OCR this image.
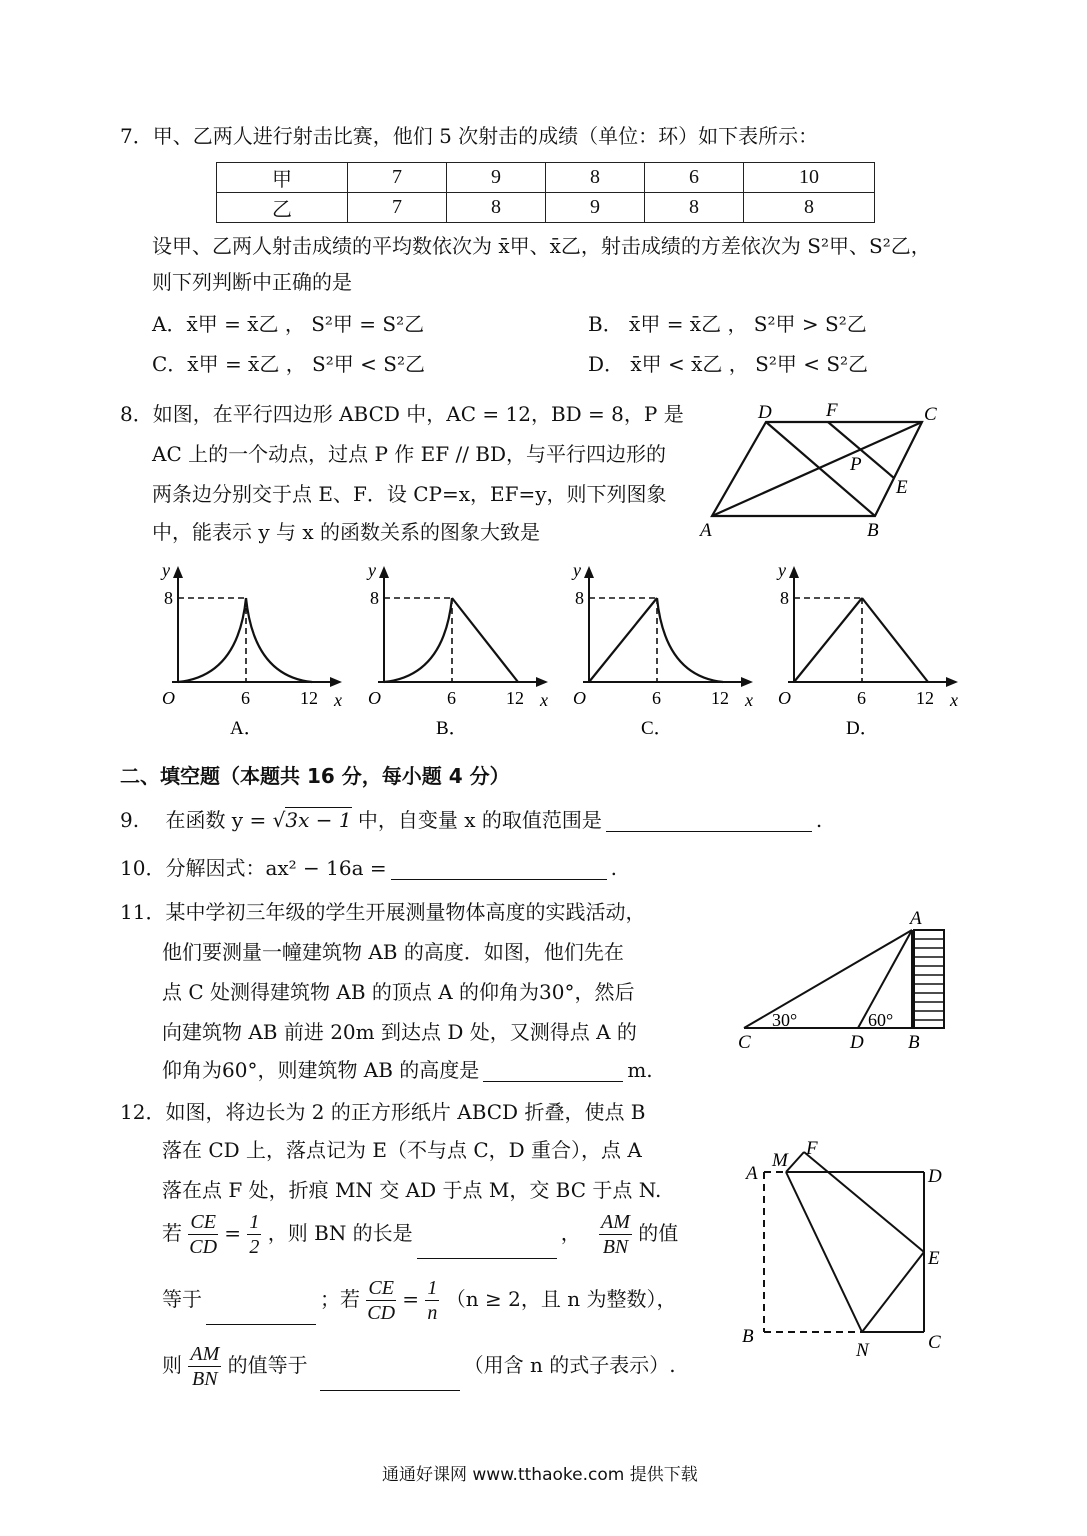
7．甲、乙两人进行射击比赛，他们 5 次射击的成绩（单位：环）如下表所示：
甲	7	9	8	6	10
乙	7	8	9	8	8
设甲、乙两人射击成绩的平均数依次为 x̄甲、x̄乙，射击成绩的方差依次为 S²甲、S²乙，
则下列判断中正确的是
A．x̄甲 = x̄乙 ， S²甲 = S²乙	B． x̄甲 = x̄乙 ， S²甲 > S²乙
C．x̄甲 = x̄乙 ， S²甲 < S²乙	D． x̄甲 < x̄乙 ， S²甲 < S²乙
8．如图，在平行四边形 ABCD 中，AC = 12，BD = 8，P 是
AC 上的一个动点，过点 P 作 EF // BD，与平行四边形的
两条边分别交于点 E、F．设 CP=x，EF=y，则下列图象
中，能表示 y 与 x 的函数关系的图象大致是	A	B
C
D
E
F
P
y
8
O	6	12 x
A．
y
8
O	6	12 x
B．
y
8
O	6	12 x
C．
y
8
O	6	12 x
D．
二、填空题（本题共 16 分，每小题 4 分）
9. 在函数 y = √3x − 1 中，自变量 x 的取值范围是	.
10．分解因式：ax² − 16a =	.
11．某中学初三年级的学生开展测量物体高度的实践活动，
他们要测量一幢建筑物 AB 的高度．如图，他们先在
点 C 处测得建筑物 AB 的顶点 A 的仰角为30°，然后
向建筑物 AB 前进 20m 到达点 D 处，又测得点 A 的
仰角为60°，则建筑物 AB 的高度是	m.
A
B
C	D
30°	60°
12．如图，将边长为 2 的正方形纸片 ABCD 折叠，使点 B
落在 CD 上，落点记为 E（不与点 C，D 重合），点 A
落在点 F 处，折痕 MN 交 AD 于点 M，交 BC 于点 N.
若 $\frac{CE}{CD} = \frac{1}{2}$ ，则 BN 的长是	， $\frac{AM}{BN}$ 的值
等于	；若 $\frac{CE}{CD} = \frac{1}{n} (n \ge 2$，且 n 为整数），
则 $\frac{AM}{BN}$ 的值等于	（用含 n 的式子表示）.
A
M
F
D
E
B
N	C
通通好课网 www.tthaoke.com 提供下载
